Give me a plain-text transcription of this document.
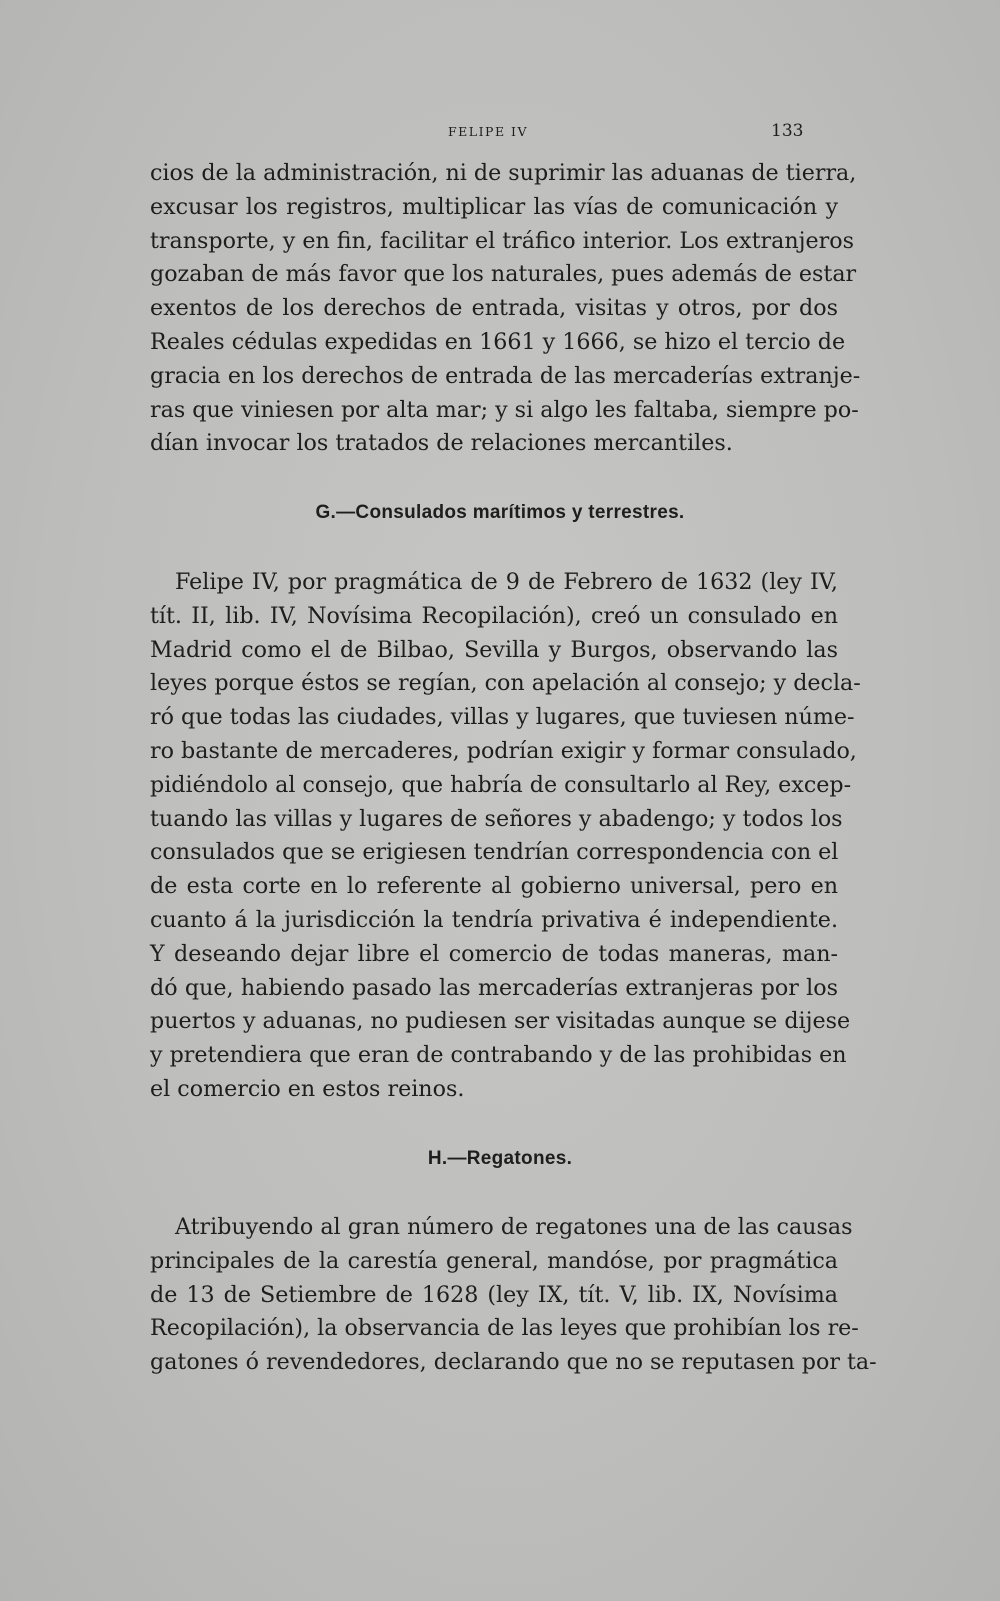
FELIPE IV	133
cios de la administración, ni de suprimir las aduanas de tierra,
excusar los registros, multiplicar las vías de comunicación y
transporte, y en fin, facilitar el tráfico interior. Los extranjeros
gozaban de más favor que los naturales, pues además de estar
exentos de los derechos de entrada, visitas y otros, por dos
Reales cédulas expedidas en 1661 y 1666, se hizo el tercio de
gracia en los derechos de entrada de las mercaderías extranje-
ras que viniesen por alta mar; y si algo les faltaba, siempre po-
dían invocar los tratados de relaciones mercantiles.
G.—Consulados marítimos y terrestres.
Felipe IV, por pragmática de 9 de Febrero de 1632 (ley IV,
tít. II, lib. IV, Novísima Recopilación), creó un consulado en
Madrid como el de Bilbao, Sevilla y Burgos, observando las
leyes porque éstos se regían, con apelación al consejo; y decla-
ró que todas las ciudades, villas y lugares, que tuviesen núme-
ro bastante de mercaderes, podrían exigir y formar consulado,
pidiéndolo al consejo, que habría de consultarlo al Rey, excep-
tuando las villas y lugares de señores y abadengo; y todos los
consulados que se erigiesen tendrían correspondencia con el
de esta corte en lo referente al gobierno universal, pero en
cuanto á la jurisdicción la tendría privativa é independiente.
Y deseando dejar libre el comercio de todas maneras, man-
dó que, habiendo pasado las mercaderías extranjeras por los
puertos y aduanas, no pudiesen ser visitadas aunque se dijese
y pretendiera que eran de contrabando y de las prohibidas en
el comercio en estos reinos.
H.—Regatones.
Atribuyendo al gran número de regatones una de las causas
principales de la carestía general, mandóse, por pragmática
de 13 de Setiembre de 1628 (ley IX, tít. V, lib. IX, Novísima
Recopilación), la observancia de las leyes que prohibían los re-
gatones ó revendedores, declarando que no se reputasen por ta-
